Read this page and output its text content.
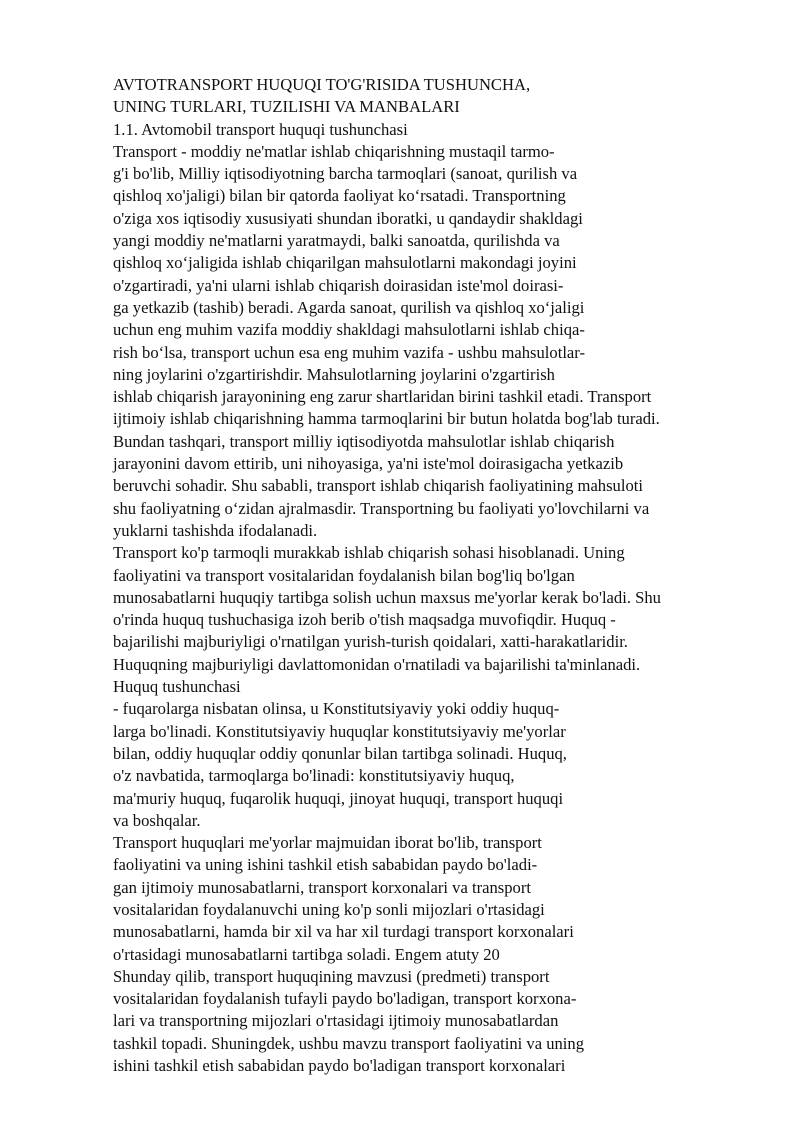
AVTOTRANSPORT HUQUQI TO'G'RISIDA TUSHUNCHA,
UNING TURLARI, TUZILISHI VA MANBALARI
1.1. Avtomobil transport huquqi tushunchasi
Transport - moddiy ne'matlar ishlab chiqarishning mustaqil tarmo-
g'i bo'lib, Milliy iqtisodiyotning barcha tarmoqlari (sanoat, qurilish va
qishloq xo'jaligi) bilan bir qatorda faoliyat ko‘rsatadi. Transportning
o'ziga xos iqtisodiy xususiyati shundan iboratki, u qandaydir shakldagi
yangi moddiy ne'matlarni yaratmaydi, balki sanoatda, qurilishda va
qishloq xo‘jaligida ishlab chiqarilgan mahsulotlarni makondagi joyini
o'zgartiradi, ya'ni ularni ishlab chiqarish doirasidan iste'mol doirasi-
ga yetkazib (tashib) beradi. Agarda sanoat, qurilish va qishloq xo‘jaligi
uchun eng muhim vazifa moddiy shakldagi mahsulotlarni ishlab chiqa-
rish bo‘lsa, transport uchun esa eng muhim vazifa - ushbu mahsulotlar-
ning joylarini o'zgartirishdir. Mahsulotlarning joylarini o'zgartirish
ishlab chiqarish jarayonining eng zarur shartlaridan birini tashkil etadi. Transport
ijtimoiy ishlab chiqarishning hamma tarmoqlarini bir butun holatda bog'lab turadi.
Bundan tashqari, transport milliy iqtisodiyotda mahsulotlar ishlab chiqarish
jarayonini davom ettirib, uni nihoyasiga, ya'ni iste'mol doirasigacha yetkazib
beruvchi sohadir. Shu sababli, transport ishlab chiqarish faoliyatining mahsuloti
shu faoliyatning o‘zidan ajralmasdir. Transportning bu faoliyati yo'lovchilarni va
yuklarni tashishda ifodalanadi.
Transport ko'p tarmoqli murakkab ishlab chiqarish sohasi hisoblanadi. Uning
faoliyatini va transport vositalaridan foydalanish bilan bog'liq bo'lgan
munosabatlarni huquqiy tartibga solish uchun maxsus me'yorlar kerak bo'ladi. Shu
o'rinda huquq tushuchasiga izoh berib o'tish maqsadga muvofiqdir. Huquq -
bajarilishi majburiyligi o'rnatilgan yurish-turish qoidalari, xatti-harakatlaridir.
Huquqning majburiyligi davlattomonidan o'rnatiladi va bajarilishi ta'minlanadi.
Huquq tushunchasi
- fuqarolarga nisbatan olinsa, u Konstitutsiyaviy yoki oddiy huquq-
larga bo'linadi. Konstitutsiyaviy huquqlar konstitutsiyaviy me'yorlar
bilan, oddiy huquqlar oddiy qonunlar bilan tartibga solinadi. Huquq,
o'z navbatida, tarmoqlarga bo'linadi: konstitutsiyaviy huquq,
ma'muriy huquq, fuqarolik huquqi, jinoyat huquqi, transport huquqi
va boshqalar.
Transport huquqlari me'yorlar majmuidan iborat bo'lib, transport
faoliyatini va uning ishini tashkil etish sababidan paydo bo'ladi-
gan ijtimoiy munosabatlarni, transport korxonalari va transport
vositalaridan foydalanuvchi uning ko'p sonli mijozlari o'rtasidagi
munosabatlarni, hamda bir xil va har xil turdagi transport korxonalari
o'rtasidagi munosabatlarni tartibga soladi. Engem atuty 20
Shunday qilib, transport huquqining mavzusi (predmeti) transport
vositalaridan foydalanish tufayli paydo bo'ladigan, transport korxona-
lari va transportning mijozlari o'rtasidagi ijtimoiy munosabatlardan
tashkil topadi. Shuningdek, ushbu mavzu transport faoliyatini va uning
ishini tashkil etish sababidan paydo bo'ladigan transport korxonalari
